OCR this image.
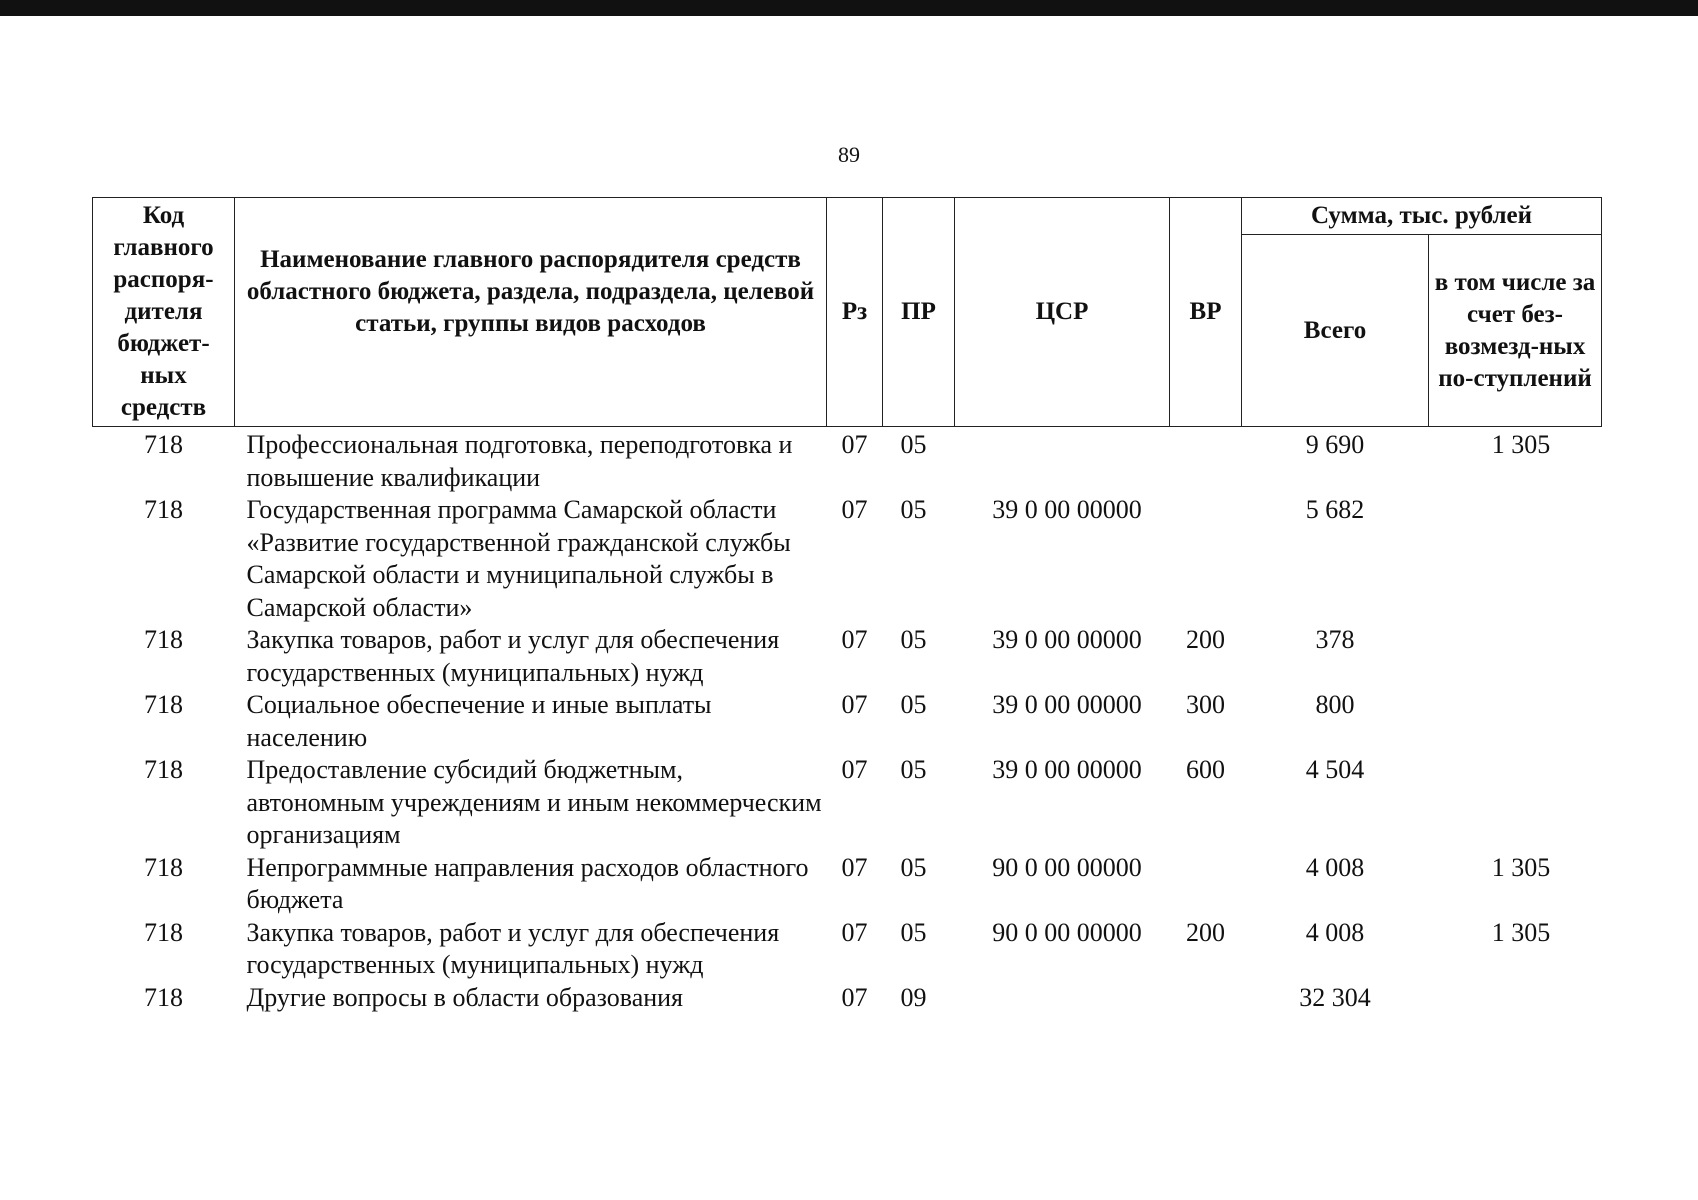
89
Код главного распоря-дителя бюджет-ных средств	Наименование главного распорядителя средств областного бюджета, раздела, подраздела, целевой статьи, группы видов расходов	Рз	ПР	ЦСР	ВР	Сумма, тыс. рублей	
						Всего	в том числе за счет без-возмезд-ных по-ступлений
718	Профессиональная подготовка, переподготовка и повышение квалификации	07	05			9 690	1 305
718	Государственная программа Самарской области «Развитие государственной гражданской службы Самарской области и муниципальной службы в Самарской области»	07	05	39 0 00 00000		5 682	
718	Закупка товаров, работ и услуг для обеспечения государственных (муниципальных) нужд	07	05	39 0 00 00000	200	378	
718	Социальное обеспечение и иные выплаты населению	07	05	39 0 00 00000	300	800	
718	Предоставление субсидий бюджетным, автономным учреждениям и иным некоммерческим организациям	07	05	39 0 00 00000	600	4 504	
718	Непрограммные направления расходов областного бюджета	07	05	90 0 00 00000		4 008	1 305
718	Закупка товаров, работ и услуг для обеспечения государственных (муниципальных) нужд	07	05	90 0 00 00000	200	4 008	1 305
718	Другие вопросы в области образования	07	09			32 304	
